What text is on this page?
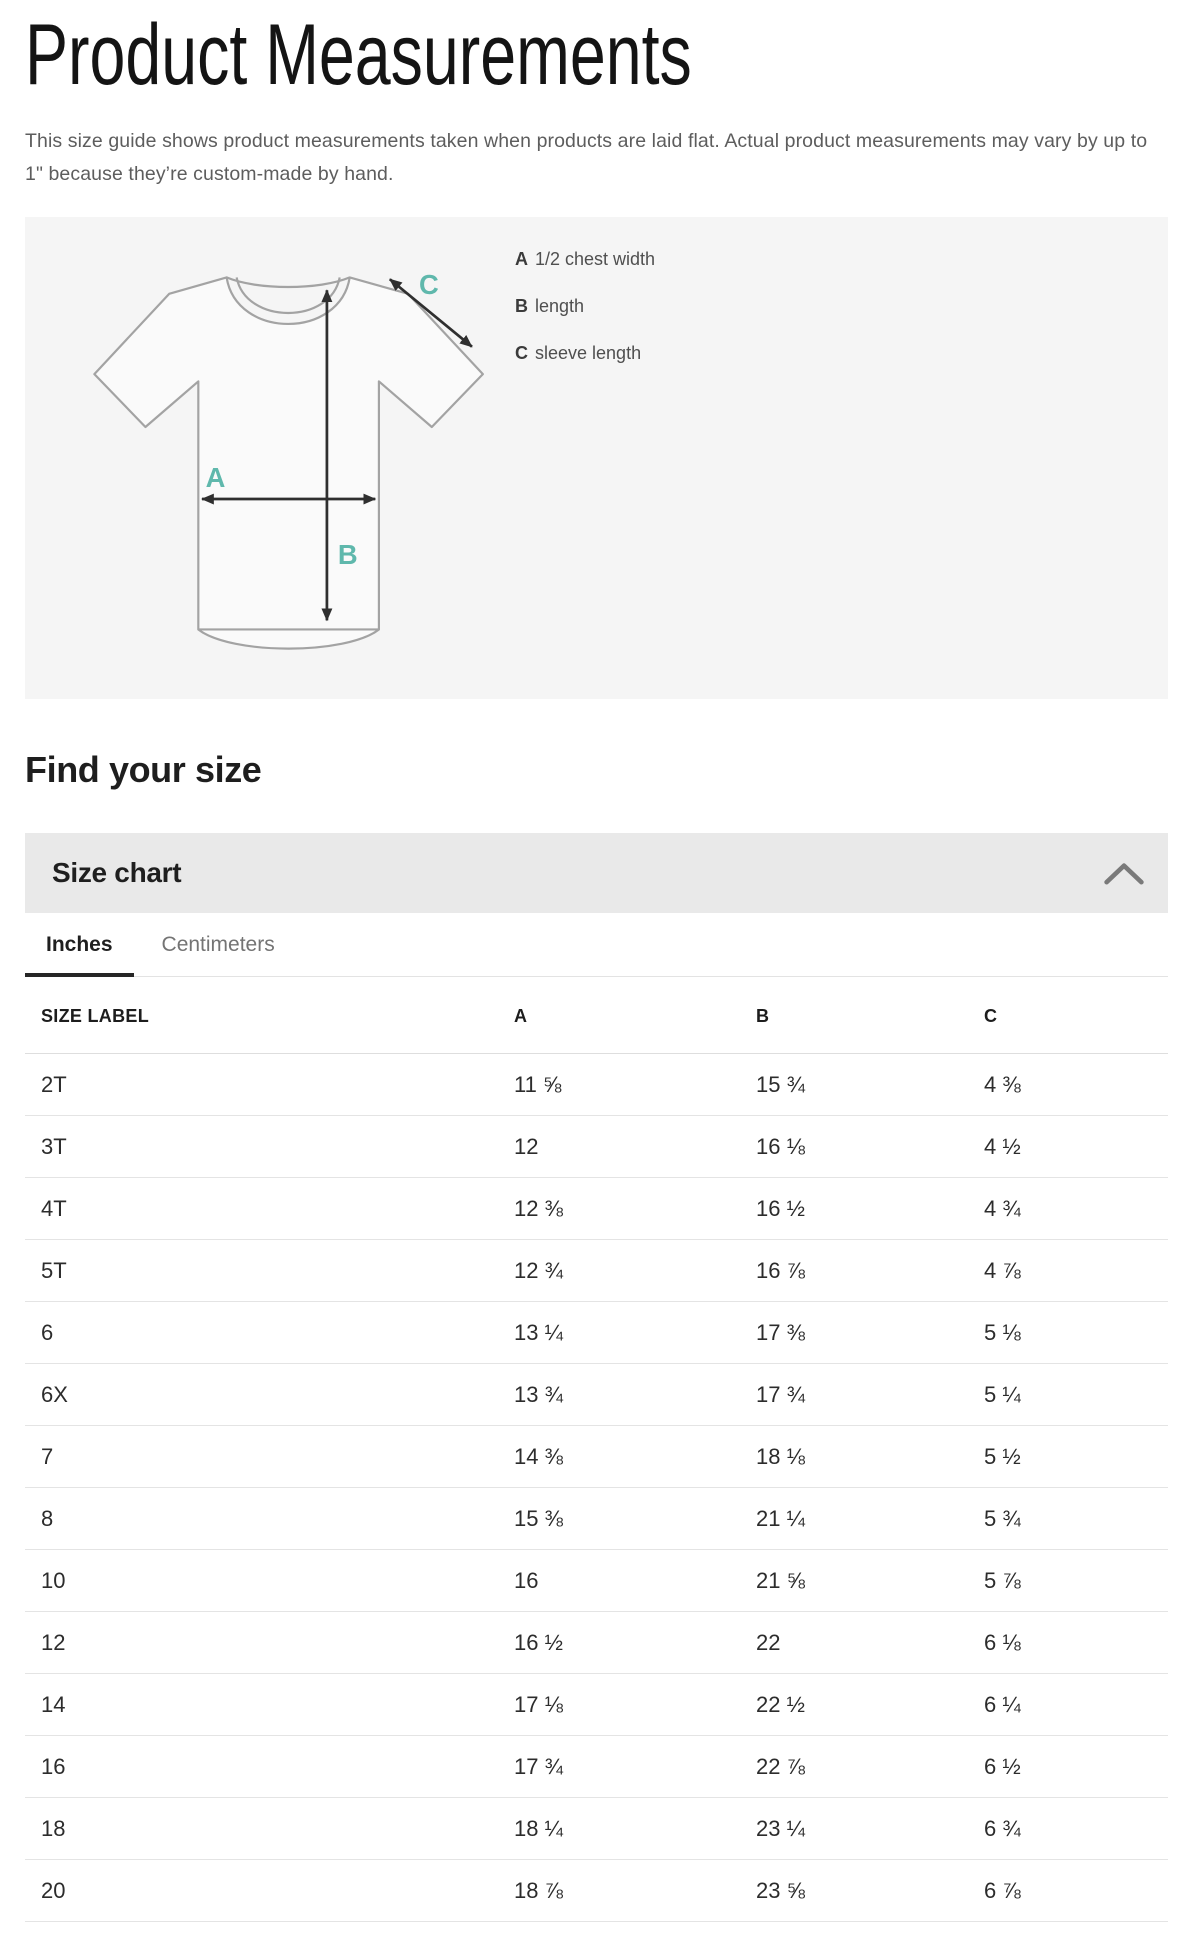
Product Measurements

This size guide shows product measurements taken when products are laid flat. Actual product measurements may vary by up to 1" because they’re custom-made by hand.

A
B
C
A 1/2 chest width
B length
C sleeve length
Find your size
Size chart
Inches	Centimeters
SIZE LABEL	A	B	C
2T	11 ⅝	15 ¾	4 ⅜
3T	12	16 ⅛	4 ½
4T	12 ⅜	16 ½	4 ¾
5T	12 ¾	16 ⅞	4 ⅞
6	13 ¼	17 ⅜	5 ⅛
6X	13 ¾	17 ¾	5 ¼
7	14 ⅜	18 ⅛	5 ½
8	15 ⅜	21 ¼	5 ¾
10	16	21 ⅝	5 ⅞
12	16 ½	22	6 ⅛
14	17 ⅛	22 ½	6 ¼
16	17 ¾	22 ⅞	6 ½
18	18 ¼	23 ¼	6 ¾
20	18 ⅞	23 ⅝	6 ⅞
